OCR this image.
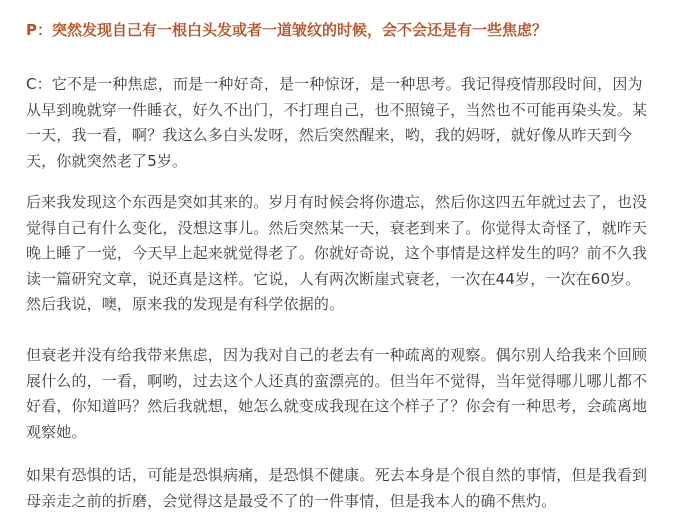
P：突然发现自己有一根白头发或者一道皱纹的时候，会不会还是有一些焦虑？
C：它不是一种焦虑，而是一种好奇，是一种惊讶，是一种思考。我记得疫情那段时间，因为
从早到晚就穿一件睡衣，好久不出门，不打理自己，也不照镜子，当然也不可能再染头发。某
一天，我一看，啊？我这么多白头发呀，然后突然醒来，哟，我的妈呀，就好像从昨天到今
天，你就突然老了5岁。
后来我发现这个东西是突如其来的。岁月有时候会将你遗忘，然后你这四五年就过去了，也没
觉得自己有什么变化，没想这事儿。然后突然某一天，衰老到来了。你觉得太奇怪了，就昨天
晚上睡了一觉，今天早上起来就觉得老了。你就好奇说，这个事情是这样发生的吗？前不久我
读一篇研究文章，说还真是这样。它说，人有两次断崖式衰老，一次在44岁，一次在60岁。
然后我说，噢，原来我的发现是有科学依据的。
但衰老并没有给我带来焦虑，因为我对自己的老去有一种疏离的观察。偶尔别人给我来个回顾
展什么的，一看，啊哟，过去这个人还真的蛮漂亮的。但当年不觉得，当年觉得哪儿哪儿都不
好看，你知道吗？然后我就想，她怎么就变成我现在这个样子了？你会有一种思考，会疏离地
观察她。
如果有恐惧的话，可能是恐惧病痛，是恐惧不健康。死去本身是个很自然的事情，但是我看到
母亲走之前的折磨，会觉得这是最受不了的一件事情，但是我本人的确不焦灼。
